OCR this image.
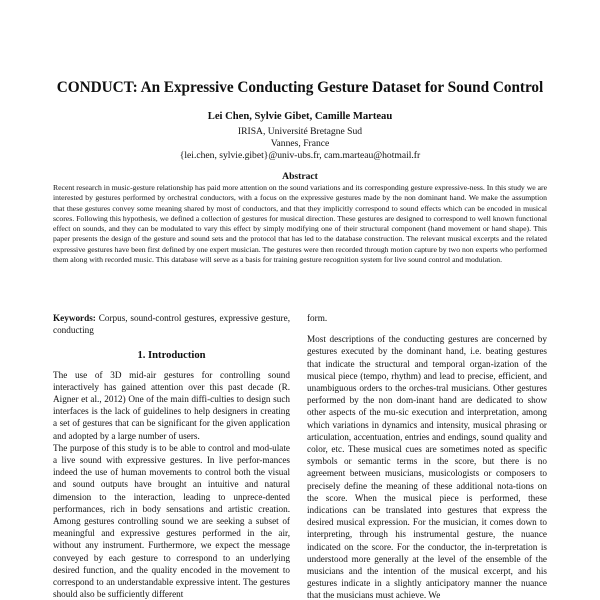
CONDUCT: An Expressive Conducting Gesture Dataset for Sound Control
Lei Chen, Sylvie Gibet, Camille Marteau
IRISA, Université Bretagne Sud
Vannes, France
{lei.chen, sylvie.gibet}@univ-ubs.fr, cam.marteau@hotmail.fr
Abstract
Recent research in music-gesture relationship has paid more attention on the sound variations and its corresponding gesture expressive-ness. In this study we are interested by gestures performed by orchestral conductors, with a focus on the expressive gestures made by the non dominant hand. We make the assumption that these gestures convey some meaning shared by most of conductors, and that they implicitly correspond to sound effects which can be encoded in musical scores. Following this hypothesis, we defined a collection of gestures for musical direction. These gestures are designed to correspond to well known functional effect on sounds, and they can be modulated to vary this effect by simply modifying one of their structural component (hand movement or hand shape). This paper presents the design of the gesture and sound sets and the protocol that has led to the database construction. The relevant musical excerpts and the related expressive gestures have been first defined by one expert musician. The gestures were then recorded through motion capture by two non experts who performed them along with recorded music. This database will serve as a basis for training gesture recognition system for live sound control and modulation.

Keywords: Corpus, sound-control gestures, expressive gesture, conducting

1. Introduction

The use of 3D mid-air gestures for controlling sound interactively has gained attention over this past decade (R. Aigner et al., 2012) One of the main diffi-culties to design such interfaces is the lack of guidelines to help designers in creating a set of gestures that can be significant for the given application and adopted by a large number of users.

The purpose of this study is to be able to control and mod-ulate a live sound with expressive gestures. In live perfor-mances indeed the use of human movements to control both the visual and sound outputs have brought an intuitive and natural dimension to the interaction, leading to unprece-dented performances, rich in body sensations and artistic creation. Among gestures controlling sound we are seeking a subset of meaningful and expressive gestures performed in the air, without any instrument. Furthermore, we expect the message conveyed by each gesture to correspond to an underlying desired function, and the quality encoded in the movement to correspond to an understandable expressive intent. The gestures should also be sufficiently different

form.

Most descriptions of the conducting gestures are concerned by gestures executed by the dominant hand, i.e. beating gestures that indicate the structural and temporal organ-ization of the musical piece (tempo, rhythm) and lead to precise, efficient, and unambiguous orders to the orches-tral musicians. Other gestures performed by the non dom-inant hand are dedicated to show other aspects of the mu-sic execution and interpretation, among which variations in dynamics and intensity, musical phrasing or articulation, accentuation, entries and endings, sound quality and color, etc. These musical cues are sometimes noted as specific symbols or semantic terms in the score, but there is no agreement between musicians, musicologists or composers to precisely define the meaning of these additional nota-tions on the score. When the musical piece is performed, these indications can be translated into gestures that express the desired musical expression. For the musician, it comes down to interpreting, through his instrumental gesture, the nuance indicated on the score. For the conductor, the in-terpretation is understood more generally at the level of the ensemble of the musicians and the intention of the musical excerpt, and his gestures indicate in a slightly anticipatory manner the nuance that the musicians must achieve. We
